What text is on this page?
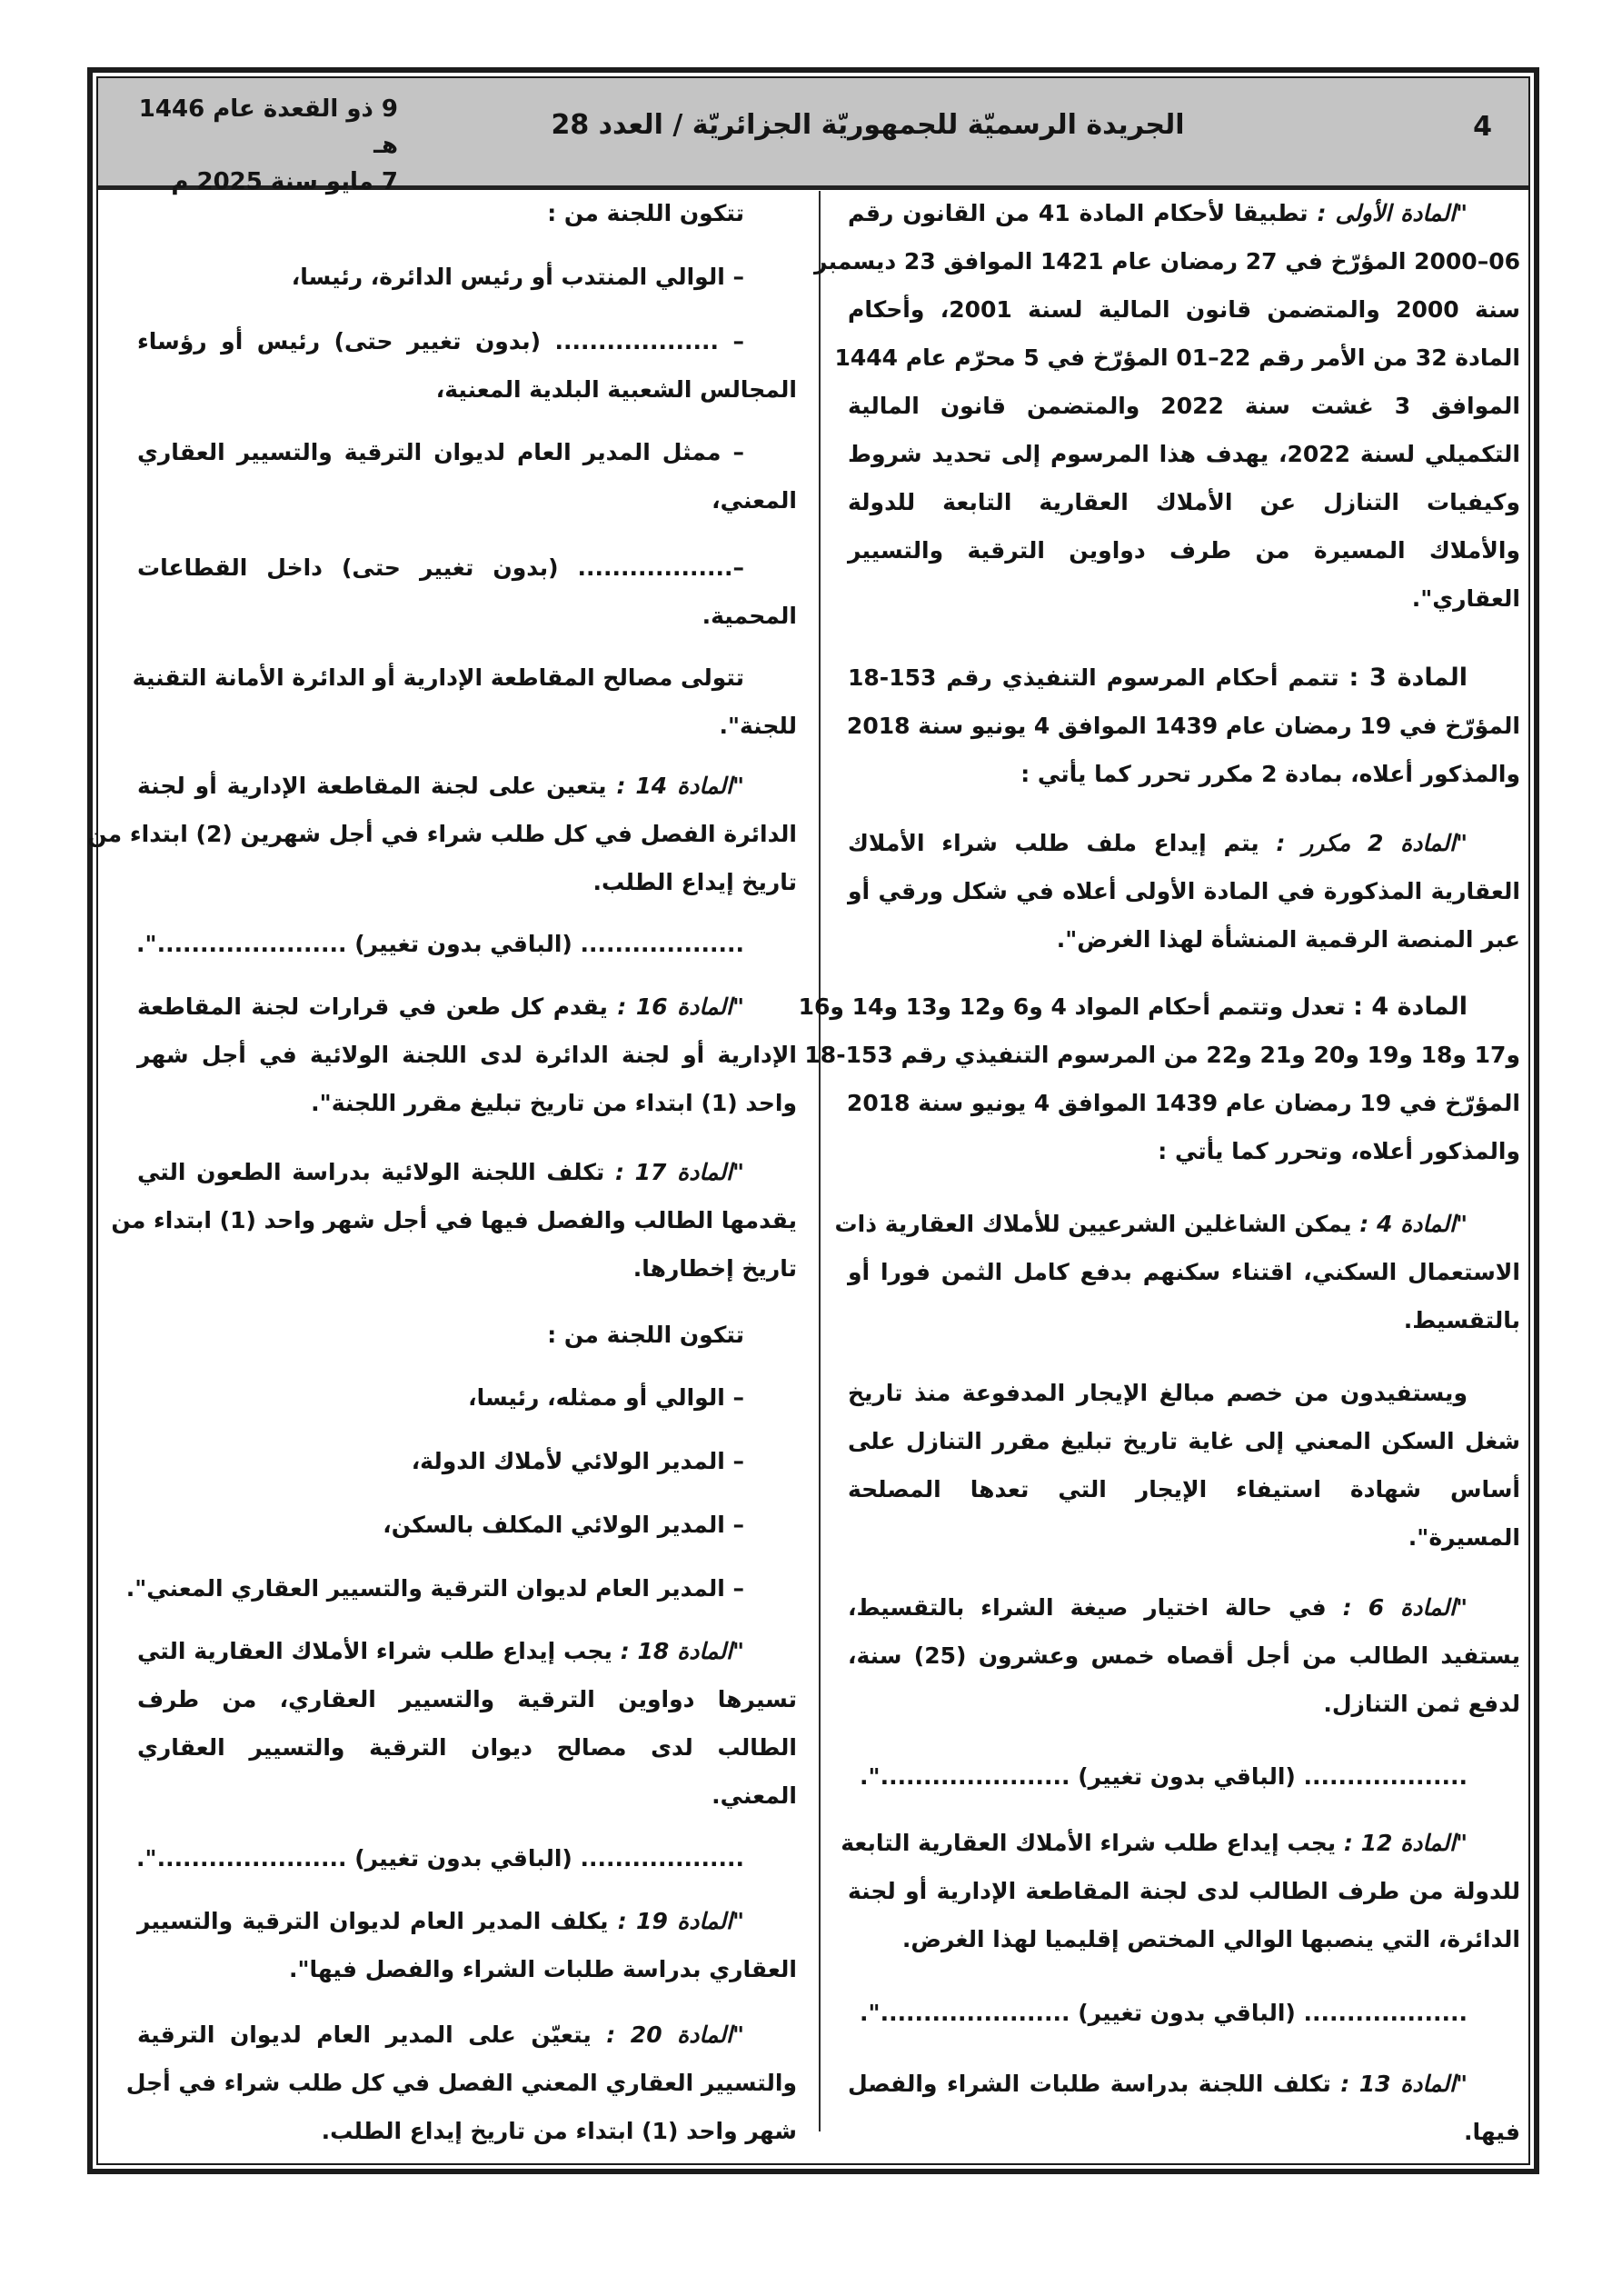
4
الجريدة الرسميّة للجمهوريّة الجزائريّة / العدد 28
9 ذو القعدة عام 1446 هـ
7 مايو سنة 2025 م
"المادة الأولى : تطبيقا لأحكام المادة 41 من القانون رقم
06–2000 المؤرّخ في 27 رمضان عام 1421 الموافق 23 ديسمبر
سنة 2000 والمتضمن قانون المالية لسنة 2001، وأحكام
المادة 32 من الأمر رقم 22–01 المؤرّخ في 5 محرّم عام 1444
الموافق 3 غشت سنة 2022 والمتضمن قانون المالية
التكميلي لسنة 2022، يهدف هذا المرسوم إلى تحديد شروط
وكيفيات التنازل عن الأملاك العقارية التابعة للدولة
والأملاك المسيرة من طرف دواوين الترقية والتسيير
العقاري".
المادة 3 : تتمم أحكام المرسوم التنفيذي رقم 153-18
المؤرّخ في 19 رمضان عام 1439 الموافق 4 يونيو سنة 2018
والمذكور أعلاه، بمادة 2 مكرر تحرر كما يأتي :
"المادة 2 مكرر : يتم إيداع ملف طلب شراء الأملاك
العقارية المذكورة في المادة الأولى أعلاه في شكل ورقي أو
عبر المنصة الرقمية المنشأة لهذا الغرض".
المادة 4 : تعدل وتتمم أحكام المواد 4 و6 و12 و13 و14 و16
و17 و18 و19 و20 و21 و22 من المرسوم التنفيذي رقم 153-18
المؤرّخ في 19 رمضان عام 1439 الموافق 4 يونيو سنة 2018
والمذكور أعلاه، وتحرر كما يأتي :
"المادة 4 : يمكن الشاغلين الشرعيين للأملاك العقارية ذات
الاستعمال السكني، اقتناء سكنهم بدفع كامل الثمن فورا أو
بالتقسيط.
ويستفيدون من خصم مبالغ الإيجار المدفوعة منذ تاريخ
شغل السكن المعني إلى غاية تاريخ تبليغ مقرر التنازل على
أساس شهادة استيفاء الإيجار التي تعدها المصلحة
المسيرة".
"المادة 6 : في حالة اختيار صيغة الشراء بالتقسيط،
يستفيد الطالب من أجل أقصاه خمس وعشرون (25) سنة،
لدفع ثمن التنازل.
................... (الباقي بدون تغيير) ......................".
"المادة 12 : يجب إيداع طلب شراء الأملاك العقارية التابعة
للدولة من طرف الطالب لدى لجنة المقاطعة الإدارية أو لجنة
الدائرة، التي ينصبها الوالي المختص إقليميا لهذا الغرض.
................... (الباقي بدون تغيير) ......................".
"المادة 13 : تكلف اللجنة بدراسة طلبات الشراء والفصل
فيها.
تتكون اللجنة من :
– الوالي المنتدب أو رئيس الدائرة، رئيسا،
– ................... (بدون تغيير حتى) رئيس أو رؤساء
المجالس الشعبية البلدية المعنية،
– ممثل المدير العام لديوان الترقية والتسيير العقاري
المعني،
–.................. (بدون تغيير حتى) داخل القطاعات
المحمية.
تتولى مصالح المقاطعة الإدارية أو الدائرة الأمانة التقنية
للجنة".
"المادة 14 : يتعين على لجنة المقاطعة الإدارية أو لجنة
الدائرة الفصل في كل طلب شراء في أجل شهرين (2) ابتداء من
تاريخ إيداع الطلب.
................... (الباقي بدون تغيير) ......................".
"المادة 16 : يقدم كل طعن في قرارات لجنة المقاطعة
الإدارية أو لجنة الدائرة لدى اللجنة الولائية في أجل شهر
واحد (1) ابتداء من تاريخ تبليغ مقرر اللجنة".
"المادة 17 : تكلف اللجنة الولائية بدراسة الطعون التي
يقدمها الطالب والفصل فيها في أجل شهر واحد (1) ابتداء من
تاريخ إخطارها.
تتكون اللجنة من :
– الوالي أو ممثله، رئيسا،
– المدير الولائي لأملاك الدولة،
– المدير الولائي المكلف بالسكن،
– المدير العام لديوان الترقية والتسيير العقاري المعني".
"المادة 18 : يجب إيداع طلب شراء الأملاك العقارية التي
تسيرها دواوين الترقية والتسيير العقاري، من طرف
الطالب لدى مصالح ديوان الترقية والتسيير العقاري
المعني.
................... (الباقي بدون تغيير) ......................".
"المادة 19 : يكلف المدير العام لديوان الترقية والتسيير
العقاري بدراسة طلبات الشراء والفصل فيها".
"المادة 20 : يتعيّن على المدير العام لديوان الترقية
والتسيير العقاري المعني الفصل في كل طلب شراء في أجل
شهر واحد (1) ابتداء من تاريخ إيداع الطلب.
